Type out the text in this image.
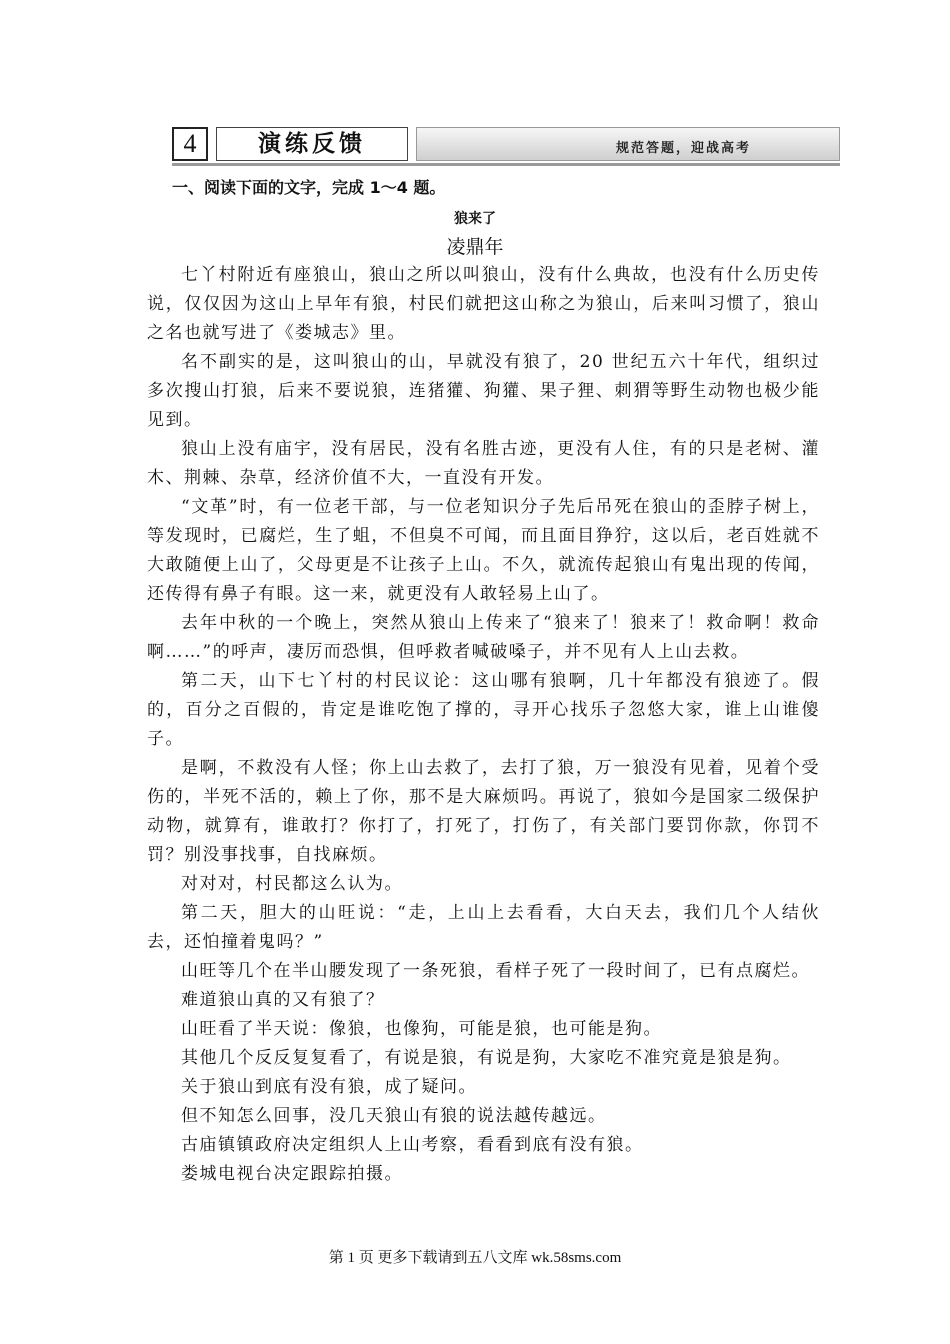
4	演练反馈	规范答题，迎战高考
一、阅读下面的文字，完成 1～4 题。
狼来了
凌鼎年

七丫村附近有座狼山，狼山之所以叫狼山，没有什么典故，也没有什么历史传说，仅仅因为这山上早年有狼，村民们就把这山称之为狼山，后来叫习惯了，狼山之名也就写进了《娄城志》里。

名不副实的是，这叫狼山的山，早就没有狼了，20 世纪五六十年代，组织过多次搜山打狼，后来不要说狼，连猪獾、狗獾、果子狸、刺猬等野生动物也极少能见到。

狼山上没有庙宇，没有居民，没有名胜古迹，更没有人住，有的只是老树、灌木、荆棘、杂草，经济价值不大，一直没有开发。

“文革”时，有一位老干部，与一位老知识分子先后吊死在狼山的歪脖子树上，等发现时，已腐烂，生了蛆，不但臭不可闻，而且面目狰狞，这以后，老百姓就不大敢随便上山了，父母更是不让孩子上山。不久，就流传起狼山有鬼出现的传闻，还传得有鼻子有眼。这一来，就更没有人敢轻易上山了。

去年中秋的一个晚上，突然从狼山上传来了“狼来了！狼来了！救命啊！救命啊……”的呼声，凄厉而恐惧，但呼救者喊破嗓子，并不见有人上山去救。

第二天，山下七丫村的村民议论：这山哪有狼啊，几十年都没有狼迹了。假的，百分之百假的，肯定是谁吃饱了撑的，寻开心找乐子忽悠大家，谁上山谁傻子。

是啊，不救没有人怪；你上山去救了，去打了狼，万一狼没有见着，见着个受伤的，半死不活的，赖上了你，那不是大麻烦吗。再说了，狼如今是国家二级保护动物，就算有，谁敢打？你打了，打死了，打伤了，有关部门要罚你款，你罚不罚？别没事找事，自找麻烦。

对对对，村民都这么认为。

第二天，胆大的山旺说：“走，上山上去看看，大白天去，我们几个人结伙去，还怕撞着鬼吗？”

山旺等几个在半山腰发现了一条死狼，看样子死了一段时间了，已有点腐烂。

难道狼山真的又有狼了？

山旺看了半天说：像狼，也像狗，可能是狼，也可能是狗。

其他几个反反复复看了，有说是狼，有说是狗，大家吃不准究竟是狼是狗。

关于狼山到底有没有狼，成了疑问。

但不知怎么回事，没几天狼山有狼的说法越传越远。

古庙镇镇政府决定组织人上山考察，看看到底有没有狼。

娄城电视台决定跟踪拍摄。

第 1 页 更多下载请到五八文库 wk.58sms.com
